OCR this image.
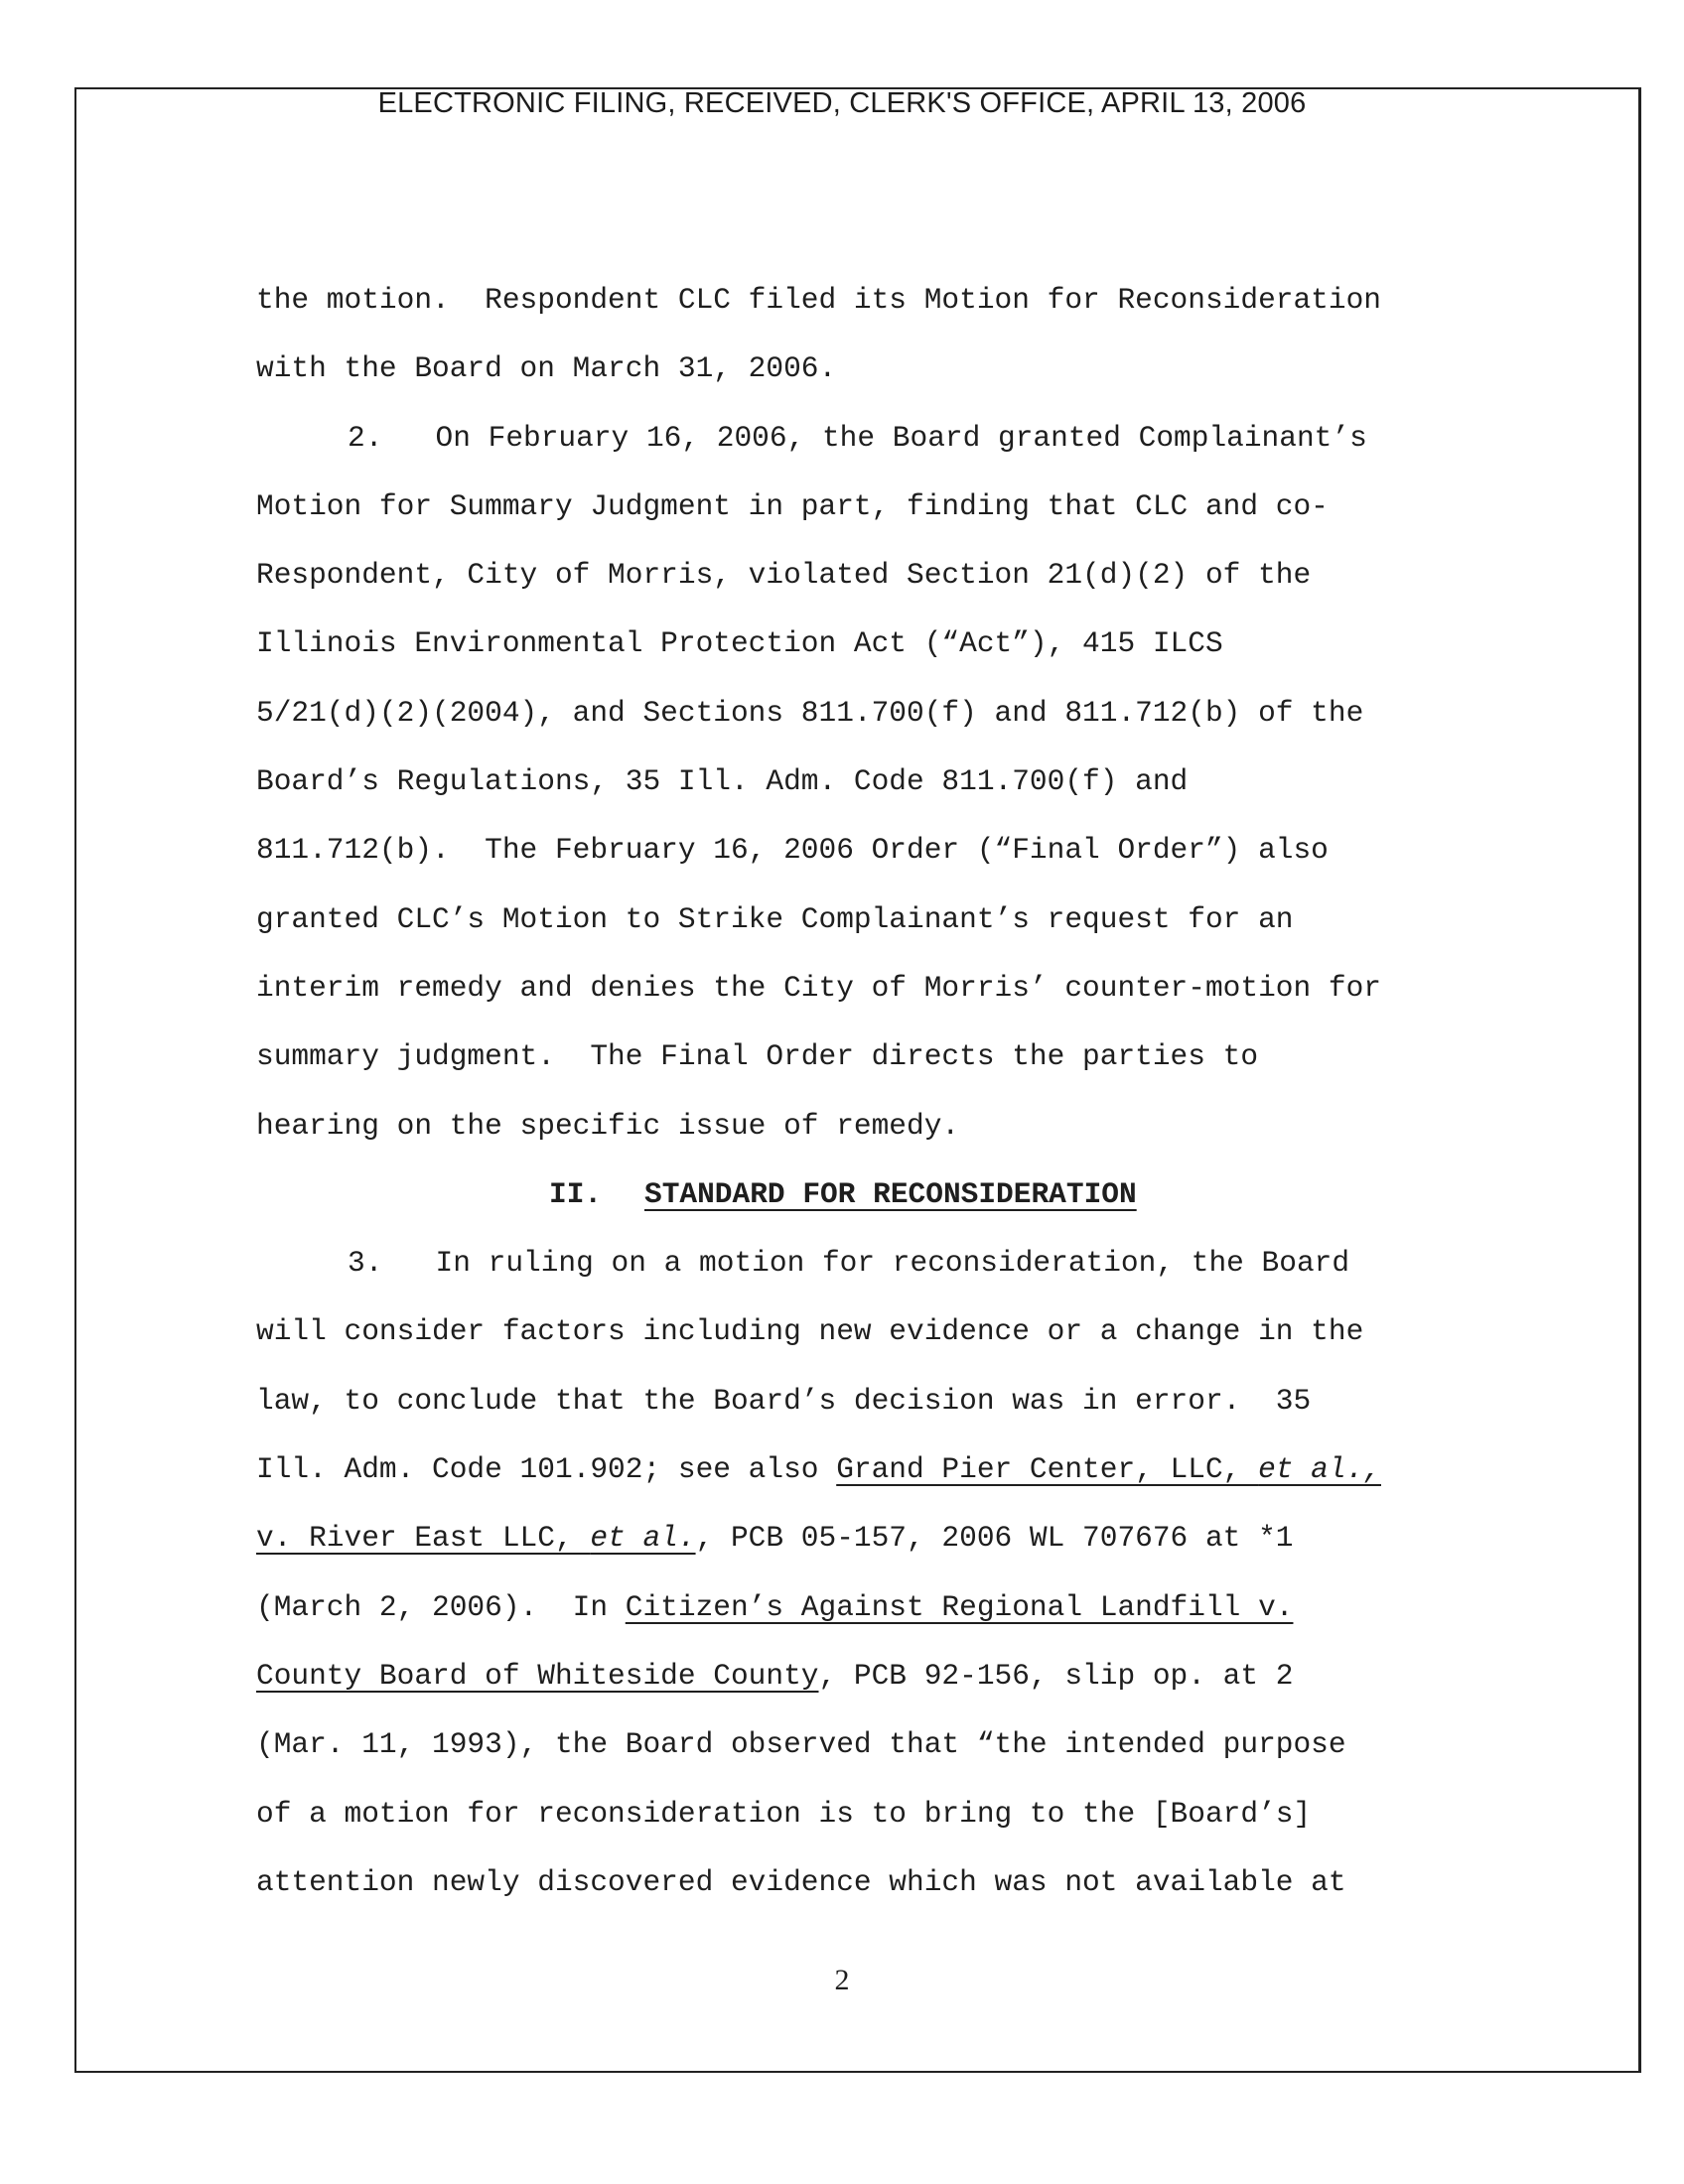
ELECTRONIC FILING, RECEIVED, CLERK'S OFFICE, APRIL 13, 2006
the motion.  Respondent CLC filed its Motion for Reconsideration
with the Board on March 31, 2006.
2.   On February 16, 2006, the Board granted Complainant’s
Motion for Summary Judgment in part, finding that CLC and co-
Respondent, City of Morris, violated Section 21(d)(2) of the
Illinois Environmental Protection Act (“Act”), 415 ILCS
5/21(d)(2)(2004), and Sections 811.700(f) and 811.712(b) of the
Board’s Regulations, 35 Ill. Adm. Code 811.700(f) and
811.712(b).  The February 16, 2006 Order (“Final Order”) also
granted CLC’s Motion to Strike Complainant’s request for an
interim remedy and denies the City of Morris’ counter-motion for
summary judgment.  The Final Order directs the parties to
hearing on the specific issue of remedy.
II. STANDARD FOR RECONSIDERATION
3.   In ruling on a motion for reconsideration, the Board
will consider factors including new evidence or a change in the
law, to conclude that the Board’s decision was in error.  35
Ill. Adm. Code 101.902; see also Grand Pier Center, LLC, et al.,
v. River East LLC, et al., PCB 05-157, 2006 WL 707676 at *1
(March 2, 2006).  In Citizen’s Against Regional Landfill v.
County Board of Whiteside County, PCB 92-156, slip op. at 2
(Mar. 11, 1993), the Board observed that “the intended purpose
of a motion for reconsideration is to bring to the [Board’s]
attention newly discovered evidence which was not available at
2
